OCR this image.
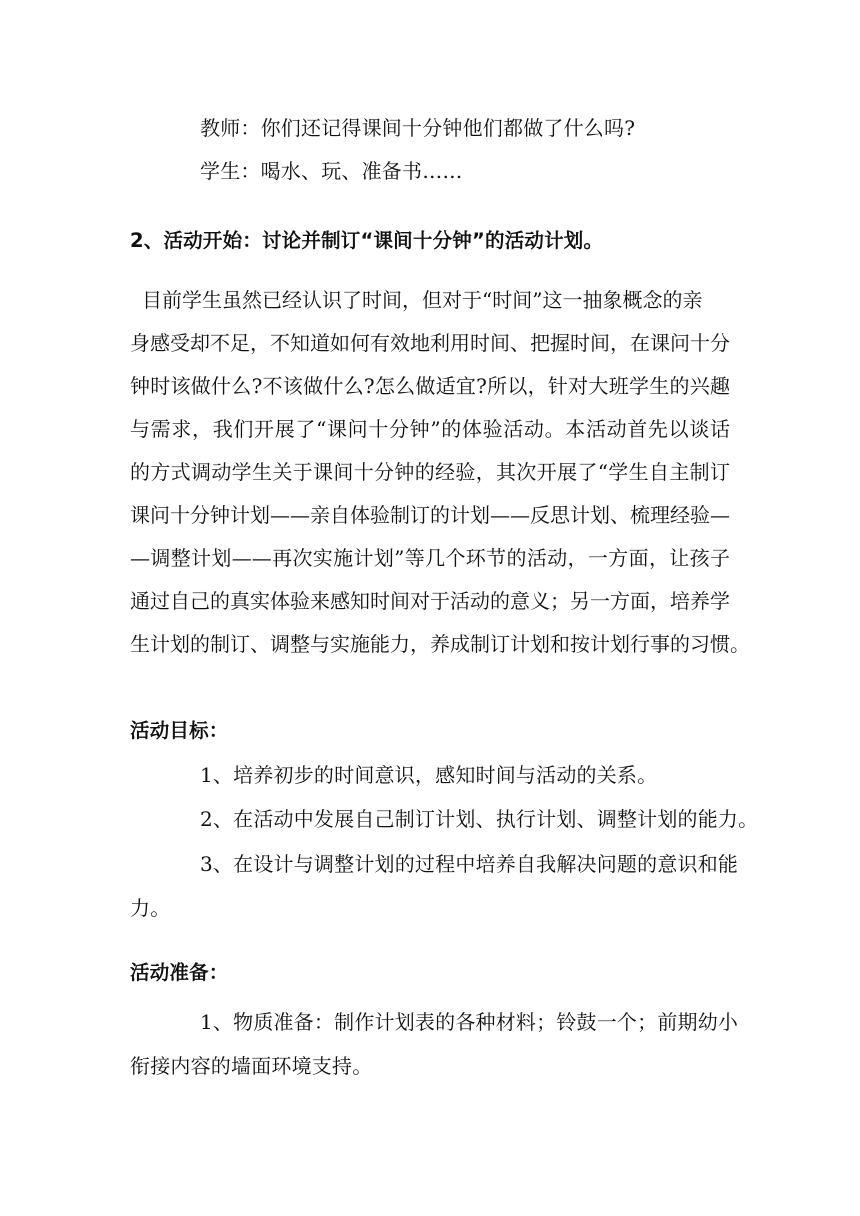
教师：你们还记得课间十分钟他们都做了什么吗?
学生：喝水、玩、准备书……
2、活动开始：讨论并制订“课间十分钟”的活动计划。
目前学生虽然已经认识了时间，但对于“时间”这一抽象概念的亲
身感受却不足，不知道如何有效地利用时间、把握时间，在课问十分
钟时该做什么?不该做什么?怎么做适宜?所以，针对大班学生的兴趣
与需求，我们开展了“课问十分钟”的体验活动。本活动首先以谈话
的方式调动学生关于课间十分钟的经验，其次开展了“学生自主制订
课问十分钟计划——亲自体验制订的计划——反思计划、梳理经验—
—调整计划——再次实施计划”等几个环节的活动，一方面，让孩子
通过自己的真实体验来感知时间对于活动的意义；另一方面，培养学
生计划的制订、调整与实施能力，养成制订计划和按计划行事的习惯。
活动目标：
1、培养初步的时间意识，感知时间与活动的关系。
2、在活动中发展自己制订计划、执行计划、调整计划的能力。
3、在设计与调整计划的过程中培养自我解决问题的意识和能
力。
活动准备：
1、物质准备：制作计划表的各种材料；铃鼓一个；前期幼小
衔接内容的墙面环境支持。
